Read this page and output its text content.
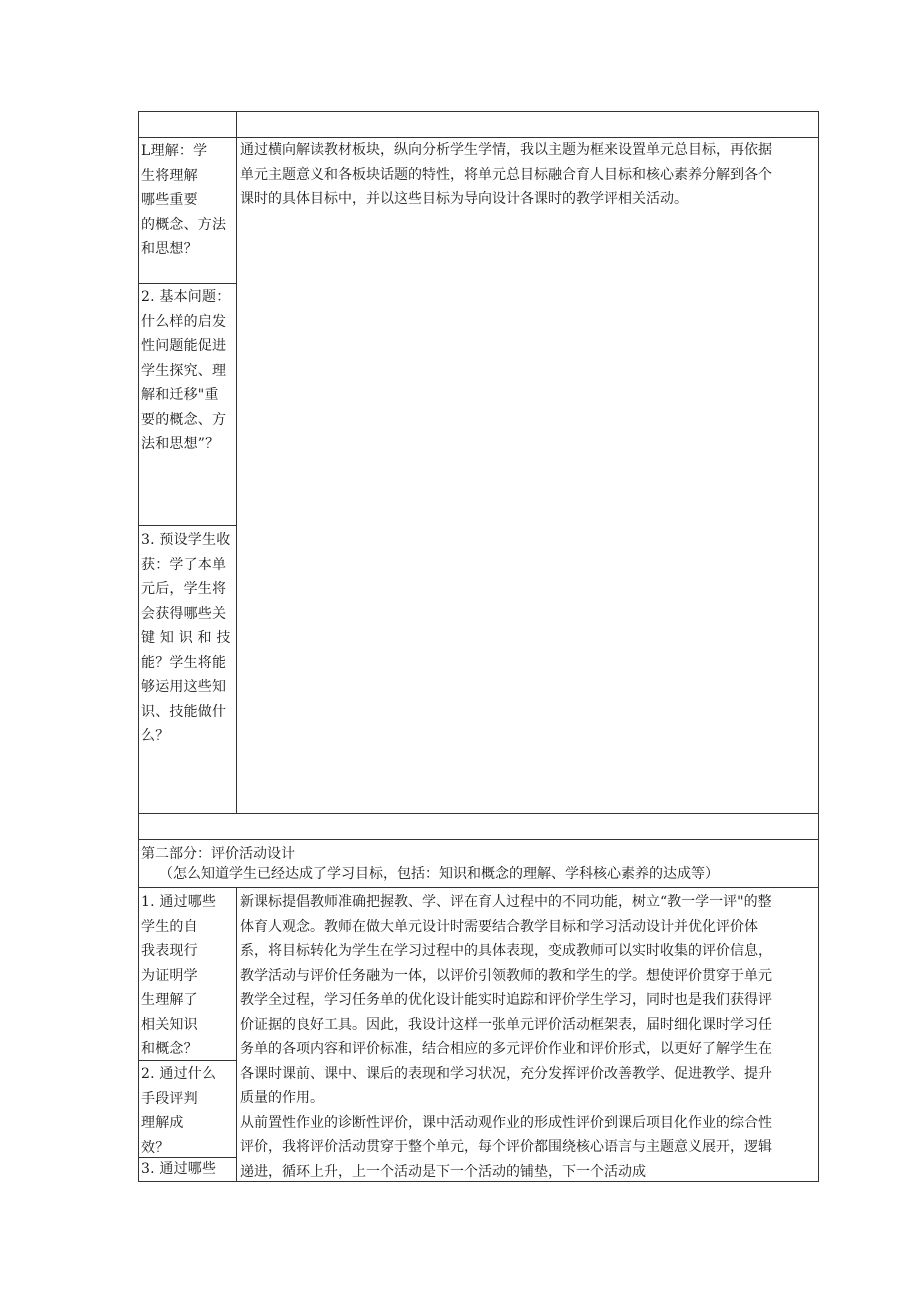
L理解：学
生将理解
哪些重要
的概念、方法
和思想？
2. 基本问题：
什么样的启发
性问题能促进
学生探究、理
解和迁移"重
要的概念、方
法和思想”？
3. 预设学生收
获：学了本单
元后，学生将
会获得哪些关
键 知 识 和 技
能？学生将能
够运用这些知
识、技能做什
么？
通过横向解读教材板块，纵向分析学生学情，我以主题为框来设置单元总目标，再依据单元主题意义和各板块话题的特性，将单元总目标融合育人目标和核心素养分解到各个课时的具体目标中，并以这些目标为导向设计各课时的教学评相关活动。
第二部分：评价活动设计
（怎么知道学生已经达成了学习目标，包括：知识和概念的理解、学科核心素养的达成等）
1. 通过哪些
学生的自
我表现行
为证明学
生理解了
相关知识
和概念？
2. 通过什么
手段评判
理解成
效？
3. 通过哪些

新课标提倡教师准确把握教、学、评在育人过程中的不同功能，树立“教一学一评"的整体育人观念。教师在做大单元设计时需要结合教学目标和学习活动设计并优化评价体系，将目标转化为学生在学习过程中的具体表现，变成教师可以实时收集的评价信息，教学活动与评价任务融为一体，以评价引领教师的教和学生的学。想使评价贯穿于单元教学全过程，学习任务单的优化设计能实时追踪和评价学生学习，同时也是我们获得评价证据的良好工具。因此，我设计这样一张单元评价活动框架表，届时细化课时学习任务单的各项内容和评价标准，结合相应的多元评价作业和评价形式，以更好了解学生在各课时课前、课中、课后的表现和学习状况，充分发挥评价改善教学、促进教学、提升质量的作用。

从前置性作业的诊断性评价，课中活动观作业的形成性评价到课后项目化作业的综合性评价，我将评价活动贯穿于整个单元，每个评价都围绕核心语言与主题意义展开，逻辑递进，循环上升，上一个活动是下一个活动的铺垫，下一个活动成
